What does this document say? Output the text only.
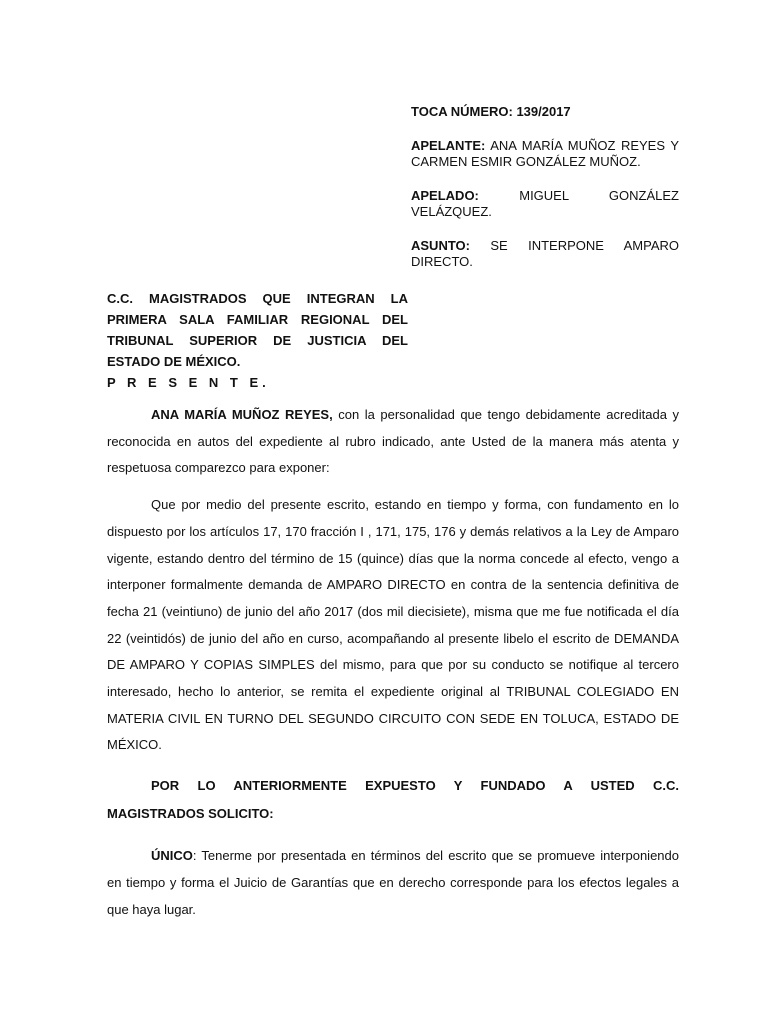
TOCA NÚMERO: 139/2017

APELANTE: ANA MARÍA MUÑOZ REYES Y CARMEN ESMIR GONZÁLEZ MUÑOZ.

APELADO:	MIGUEL GONZÁLEZ VELÁZQUEZ.

ASUNTO: SE INTERPONE AMPARO DIRECTO.

C.C. MAGISTRADOS QUE INTEGRAN LA
PRIMERA SALA FAMILIAR REGIONAL DEL
TRIBUNAL SUPERIOR DE JUSTICIA DEL
ESTADO DE MÉXICO.
P R E S E N T E.

ANA MARÍA MUÑOZ REYES, con la personalidad que tengo debidamente acreditada y reconocida en autos del expediente al rubro indicado, ante Usted de la manera más atenta y respetuosa comparezco para exponer:

Que por medio del presente escrito, estando en tiempo y forma, con fundamento en lo dispuesto por los artículos 17, 170 fracción I , 171, 175, 176 y demás relativos a la Ley de Amparo vigente, estando dentro del término de 15 (quince) días que la norma concede al efecto, vengo a interponer formalmente demanda de AMPARO DIRECTO en contra de la sentencia definitiva de fecha 21 (veintiuno) de junio del año 2017 (dos mil diecisiete), misma que me fue notificada el día 22 (veintidós) de junio del año en curso, acompañando al presente libelo el escrito de DEMANDA DE AMPARO Y COPIAS SIMPLES del mismo, para que por su conducto se notifique al tercero interesado, hecho lo anterior, se remita el expediente original al TRIBUNAL COLEGIADO EN MATERIA CIVIL EN TURNO DEL SEGUNDO CIRCUITO CON SEDE EN TOLUCA, ESTADO DE MÉXICO.

POR LO ANTERIORMENTE EXPUESTO Y FUNDADO A USTED C.C.
MAGISTRADOS SOLICITO:

ÚNICO: Tenerme por presentada en términos del escrito que se promueve interponiendo en tiempo y forma el Juicio de Garantías que en derecho corresponde para los efectos legales a que haya lugar.
